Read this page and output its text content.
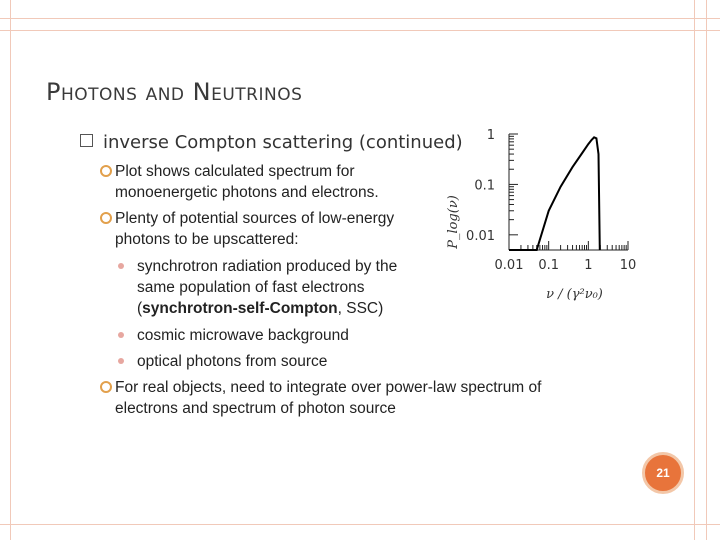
PHOTONS AND NEUTRINOS
inverse Compton scattering (continued)
Plot shows calculated spectrum for monoenergetic photons and electrons.
Plenty of potential sources of low-energy photons to be upscattered:
synchrotron radiation produced by the same population of fast electrons (synchrotron-self-Compton, SSC)
cosmic microwave background
optical photons from source
For real objects, need to integrate over power-law spectrum of electrons and spectrum of photon source
0.01 0.1 1 10
1
0.1
0.01
ν / (γ²ν₀)
P_log(ν)
21
